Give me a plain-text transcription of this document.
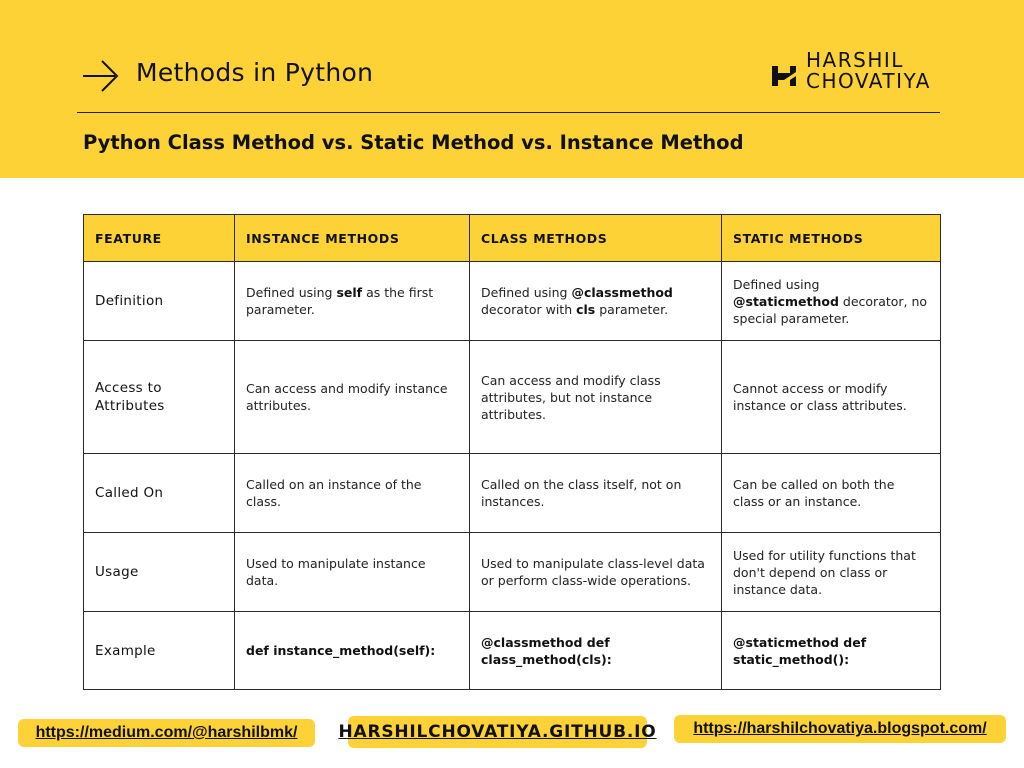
Methods in Python	HARSHIL
CHOVATIYA
Python Class Method vs. Static Method vs. Instance Method
FEATURE	INSTANCE METHODS	CLASS METHODS	STATIC METHODS
Definition	Defined using self as the first parameter.	Defined using @classmethod decorator with cls parameter.	Defined using @staticmethod decorator, no special parameter.
Access to Attributes	Can access and modify instance attributes.	Can access and modify class attributes, but not instance attributes.	Cannot access or modify instance or class attributes.
Called On	Called on an instance of the class.	Called on the class itself, not on instances.	Can be called on both the class or an instance.
Usage	Used to manipulate instance data.	Used to manipulate class-level data or perform class-wide operations.	Used for utility functions that don't depend on class or instance data.
Example	def instance_method(self):	@classmethod def class_method(cls):	@staticmethod def static_method():
https://medium.com/@harshilbmk/	HARSHILCHOVATIYA.GITHUB.IO	https://harshilchovatiya.blogspot.com/
